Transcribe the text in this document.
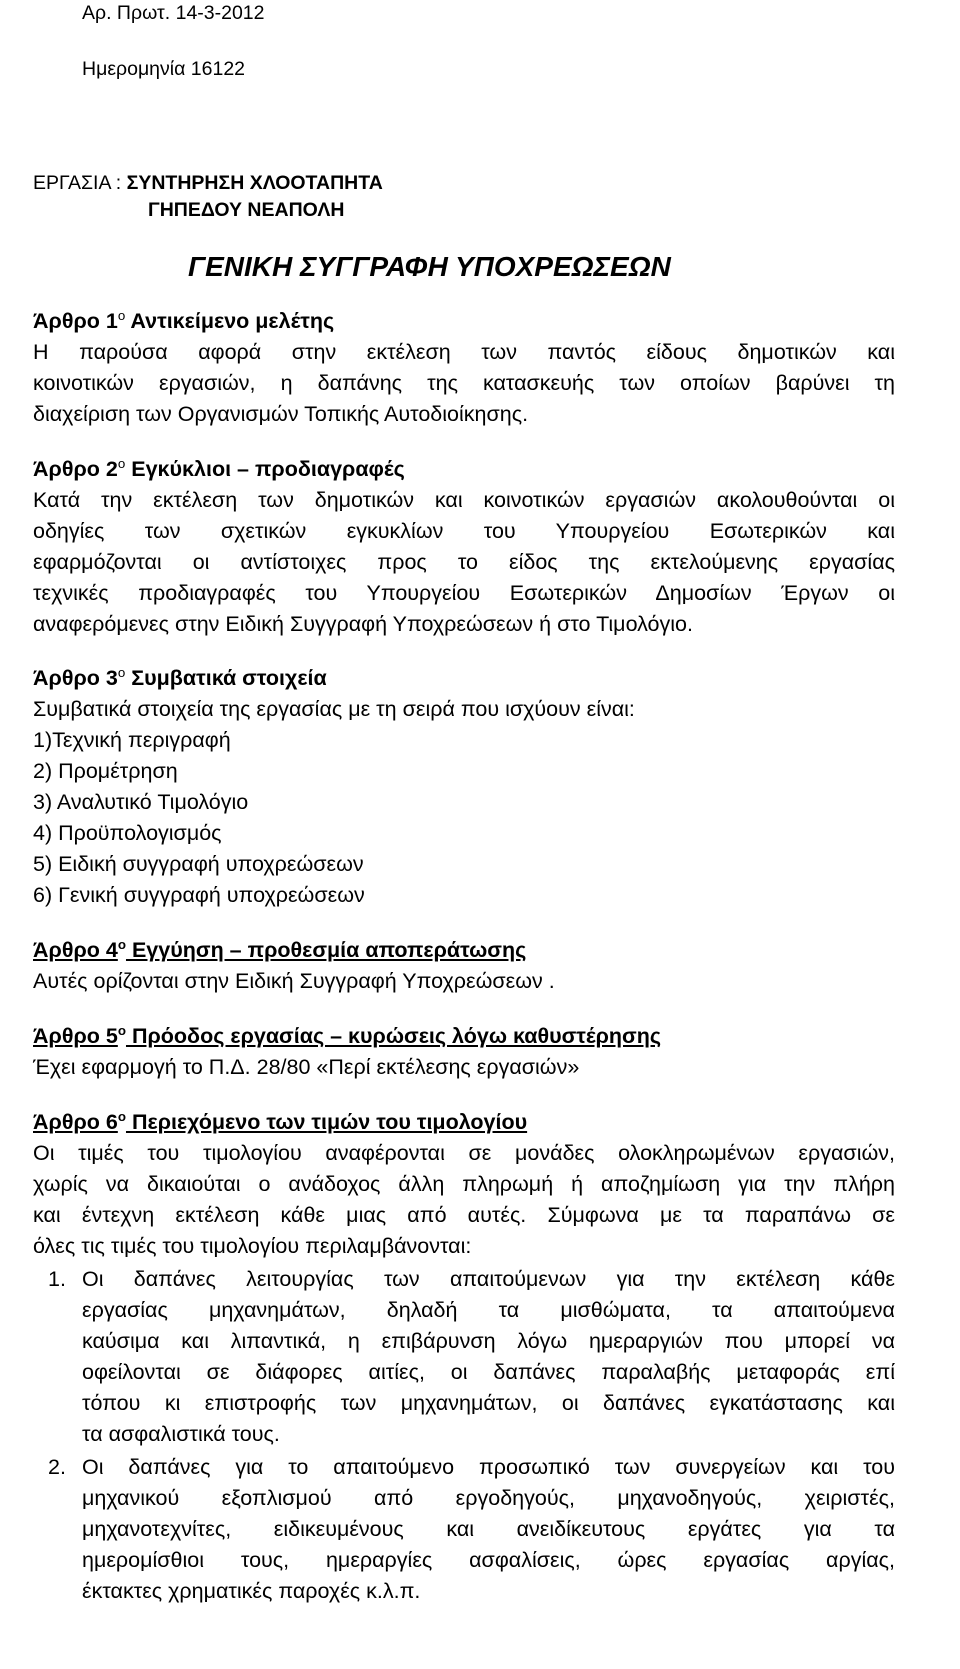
Αρ. Πρωτ. 14-3-2012
Ημερομηνία 16122
ΕΡΓΑΣΙΑ : ΣΥΝΤΗΡΗΣΗ ΧΛΟΟΤΑΠΗΤΑ
ΓΗΠΕΔΟΥ ΝΕΑΠΟΛΗ
ΓΕΝΙΚΗ ΣΥΓΓΡΑΦΗ ΥΠΟΧΡΕΩΣΕΩΝ
Άρθρο $1^o$ Αντικείμενο μελέτης
Η παρούσα αφορά στην εκτέλεση των παντός είδους δημοτικών και
κοινοτικών εργασιών, η δαπάνης της κατασκευής των οποίων βαρύνει τη
διαχείριση των Οργανισμών Τοπικής Αυτοδιοίκησης.
Άρθρο $2^o$ Εγκύκλιοι – προδιαγραφές
Κατά την εκτέλεση των δημοτικών και κοινοτικών εργασιών ακολουθούνται οι
οδηγίες των σχετικών εγκυκλίων του Υπουργείου Εσωτερικών και
εφαρμόζονται οι αντίστοιχες προς το είδος της εκτελούμενης εργασίας
τεχνικές προδιαγραφές του Υπουργείου Εσωτερικών Δημοσίων Έργων οι
αναφερόμενες στην Ειδική Συγγραφή Υποχρεώσεων ή στο Τιμολόγιο.
Άρθρο $3^o$ Συμβατικά στοιχεία
Συμβατικά στοιχεία της εργασίας με τη σειρά που ισχύουν είναι:
1)Τεχνική περιγραφή
2) Προμέτρηση
3) Αναλυτικό Τιμολόγιο
4) Προϋπολογισμός
5) Ειδική συγγραφή υποχρεώσεων
6) Γενική συγγραφή υποχρεώσεων
Άρθρο $4^o$ Εγγύηση – προθεσμία αποπεράτωσης
Αυτές ορίζονται στην Ειδική Συγγραφή Υποχρεώσεων .
Άρθρο $5^o$ Πρόοδος εργασίας – κυρώσεις λόγω καθυστέρησης
Έχει εφαρμογή το Π.Δ. 28/80 «Περί εκτέλεσης εργασιών»
Άρθρο $6^o$ Περιεχόμενο των τιμών του τιμολογίου
Οι τιμές του τιμολογίου αναφέρονται σε μονάδες ολοκληρωμένων εργασιών,
χωρίς να δικαιούται ο ανάδοχος άλλη πληρωμή ή αποζημίωση για την πλήρη
και έντεχνη εκτέλεση κάθε μιας από αυτές. Σύμφωνα με τα παραπάνω σε
όλες τις τιμές του τιμολογίου περιλαμβάνονται:
1. Οι δαπάνες λειτουργίας των απαιτούμενων για την εκτέλεση κάθε
εργασίας μηχανημάτων, δηλαδή τα μισθώματα, τα απαιτούμενα
καύσιμα και λιπαντικά, η επιβάρυνση λόγω ημεραργιών που μπορεί να
οφείλονται σε διάφορες αιτίες, οι δαπάνες παραλαβής μεταφοράς επί
τόπου κι επιστροφής των μηχανημάτων, οι δαπάνες εγκατάστασης και
τα ασφαλιστικά τους.
2. Οι δαπάνες για το απαιτούμενο προσωπικό των συνεργείων και του
μηχανικού εξοπλισμού από εργοδηγούς, μηχανοδηγούς, χειριστές,
μηχανοτεχνίτες, ειδικευμένους και ανειδίκευτους εργάτες για τα
ημερομίσθιοι τους, ημεραργίες ασφαλίσεις, ώρες εργασίας αργίας,
έκτακτες χρηματικές παροχές κ.λ.π.
